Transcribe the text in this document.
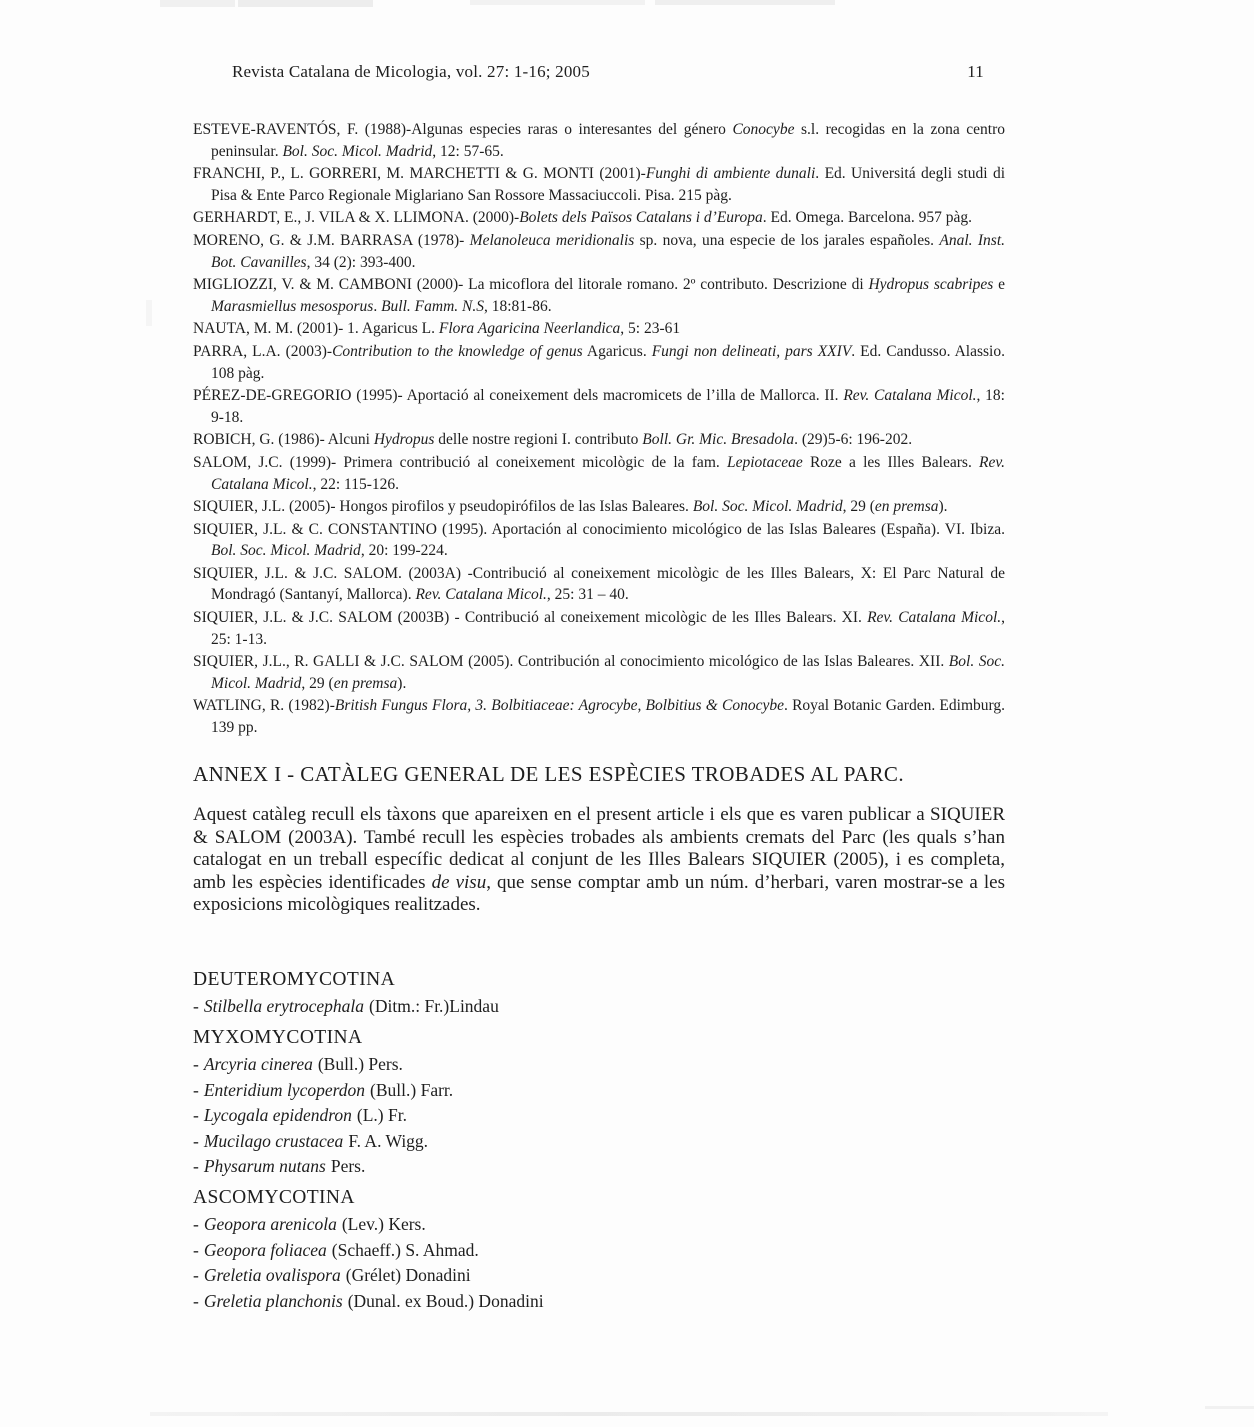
Revista Catalana de Micologia, vol. 27: 1-16; 2005	11

ESTEVE-RAVENTÓS, F. (1988)-Algunas especies raras o interesantes del género Conocybe s.l. recogidas en la zona centro peninsular. Bol. Soc. Micol. Madrid, 12: 57-65.

FRANCHI, P., L. GORRERI, M. MARCHETTI & G. MONTI (2001)-Funghi di ambiente dunali. Ed. Universitá degli studi di Pisa & Ente Parco Regionale Miglariano San Rossore Massaciuccoli. Pisa. 215 pàg.

GERHARDT, E., J. VILA & X. LLIMONA. (2000)-Bolets dels Països Catalans i d’Europa. Ed. Omega. Barcelona. 957 pàg.

MORENO, G. & J.M. BARRASA (1978)- Melanoleuca meridionalis sp. nova, una especie de los jarales españoles. Anal. Inst. Bot. Cavanilles, 34 (2): 393-400.

MIGLIOZZI, V. & M. CAMBONI (2000)- La micoflora del litorale romano. 2º contributo. Descrizione di Hydropus scabripes e Marasmiellus mesosporus. Bull. Famm. N.S, 18:81-86.

NAUTA, M. M. (2001)- 1. Agaricus L. Flora Agaricina Neerlandica, 5: 23-61

PARRA, L.A. (2003)-Contribution to the knowledge of genus Agaricus. Fungi non delineati, pars XXIV. Ed. Candusso. Alassio. 108 pàg.

PÉREZ-DE-GREGORIO (1995)- Aportació al coneixement dels macromicets de l’illa de Mallorca. II. Rev. Catalana Micol., 18: 9-18.

ROBICH, G. (1986)- Alcuni Hydropus delle nostre regioni I. contributo Boll. Gr. Mic. Bresadola. (29)5-6: 196-202.

SALOM, J.C. (1999)- Primera contribució al coneixement micològic de la fam. Lepiotaceae Roze a les Illes Balears. Rev. Catalana Micol., 22: 115-126.

SIQUIER, J.L. (2005)- Hongos pirofilos y pseudopirófilos de las Islas Baleares. Bol. Soc. Micol. Madrid, 29 (en premsa).

SIQUIER, J.L. & C. CONSTANTINO (1995). Aportación al conocimiento micológico de las Islas Baleares (España). VI. Ibiza. Bol. Soc. Micol. Madrid, 20: 199-224.

SIQUIER, J.L. & J.C. SALOM. (2003A) -Contribució al coneixement micològic de les Illes Balears, X: El Parc Natural de Mondragó (Santanyí, Mallorca). Rev. Catalana Micol., 25: 31 – 40.

SIQUIER, J.L. & J.C. SALOM (2003B) - Contribució al coneixement micològic de les Illes Balears. XI. Rev. Catalana Micol., 25: 1-13.

SIQUIER, J.L., R. GALLI & J.C. SALOM (2005). Contribución al conocimiento micológico de las Islas Baleares. XII. Bol. Soc. Micol. Madrid, 29 (en premsa).

WATLING, R. (1982)-British Fungus Flora, 3. Bolbitiaceae: Agrocybe, Bolbitius & Conocybe. Royal Botanic Garden. Edimburg. 139 pp.

ANNEX I - CATÀLEG GENERAL DE LES ESPÈCIES TROBADES AL PARC.

Aquest catàleg recull els tàxons que apareixen en el present article i els que es varen publicar a SIQUIER & SALOM (2003A). També recull les espècies trobades als ambients cremats del Parc (les quals s’han catalogat en un treball específic dedicat al conjunt de les Illes Balears SIQUIER (2005), i es completa, amb les espècies identificades de visu, que sense comptar amb un núm. d’herbari, varen mostrar-se a les exposicions micològiques realitzades.

DEUTEROMYCOTINA

- Stilbella erytrocephala (Ditm.: Fr.)Lindau

MYXOMYCOTINA

- Arcyria cinerea (Bull.) Pers.

- Enteridium lycoperdon (Bull.) Farr.

- Lycogala epidendron (L.) Fr.

- Mucilago crustacea F. A. Wigg.

- Physarum nutans Pers.

ASCOMYCOTINA

- Geopora arenicola (Lev.) Kers.

- Geopora foliacea (Schaeff.) S. Ahmad.

- Greletia ovalispora (Grélet) Donadini

- Greletia planchonis (Dunal. ex Boud.) Donadini
